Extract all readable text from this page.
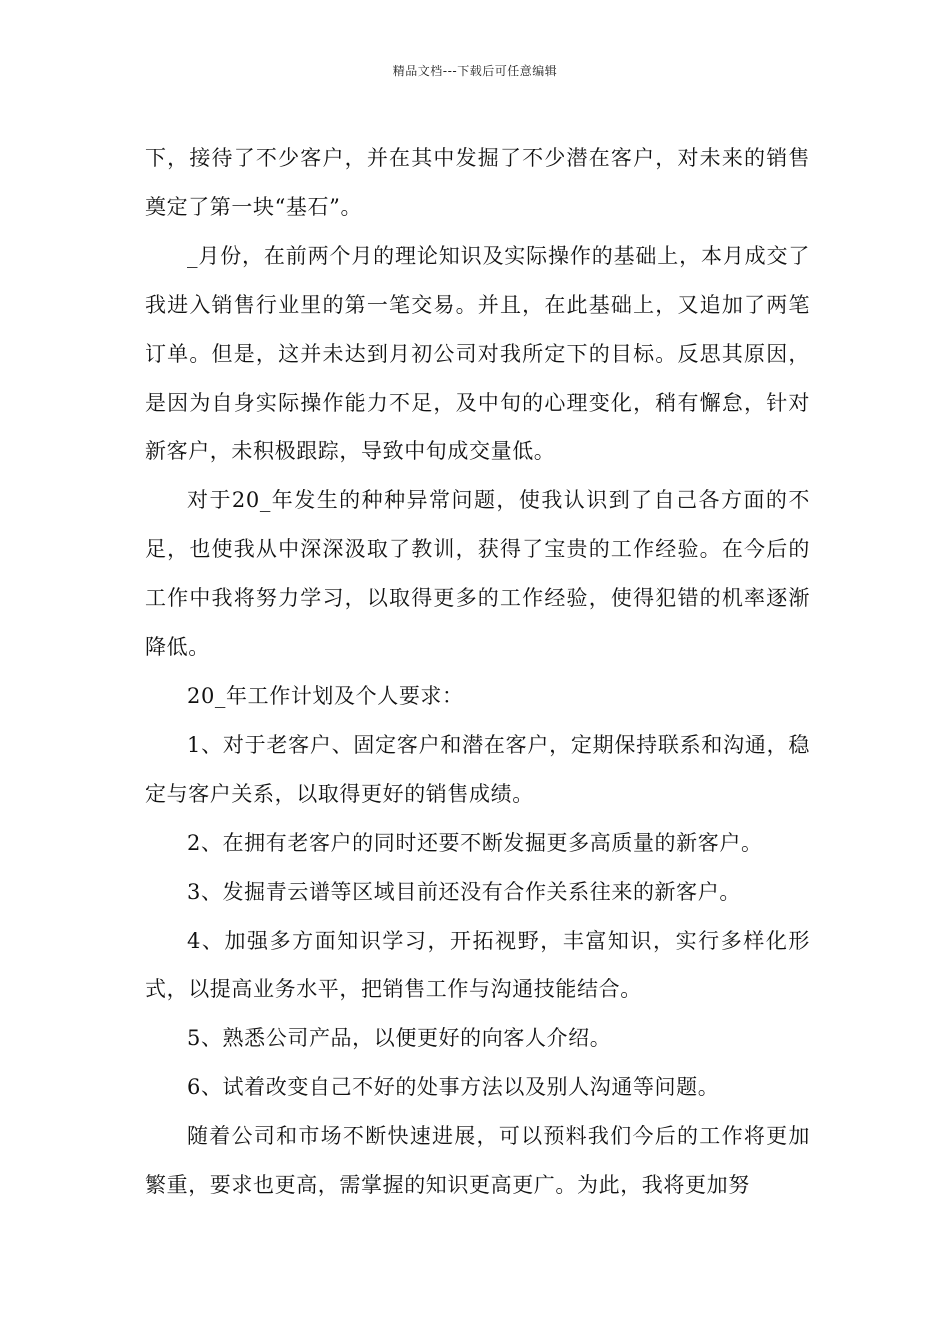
精品文档---下载后可任意编辑

下，接待了不少客户，并在其中发掘了不少潜在客户，对未来的销售奠定了第一块“基石”。

_月份，在前两个月的理论知识及实际操作的基础上，本月成交了我进入销售行业里的第一笔交易。并且，在此基础上，又追加了两笔订单。但是，这并未达到月初公司对我所定下的目标。反思其原因，是因为自身实际操作能力不足，及中旬的心理变化，稍有懈怠，针对新客户，未积极跟踪，导致中旬成交量低。

对于20_年发生的种种异常问题，使我认识到了自己各方面的不足，也使我从中深深汲取了教训，获得了宝贵的工作经验。在今后的工作中我将努力学习，以取得更多的工作经验，使得犯错的机率逐渐降低。

20_年工作计划及个人要求：

1、对于老客户、固定客户和潜在客户，定期保持联系和沟通，稳定与客户关系，以取得更好的销售成绩。

2、在拥有老客户的同时还要不断发掘更多高质量的新客户。

3、发掘青云谱等区域目前还没有合作关系往来的新客户。

4、加强多方面知识学习，开拓视野，丰富知识，实行多样化形式，以提高业务水平，把销售工作与沟通技能结合。

5、熟悉公司产品，以便更好的向客人介绍。

6、试着改变自己不好的处事方法以及别人沟通等问题。

随着公司和市场不断快速进展，可以预料我们今后的工作将更加繁重，要求也更高，需掌握的知识更高更广。为此，我将更加努
